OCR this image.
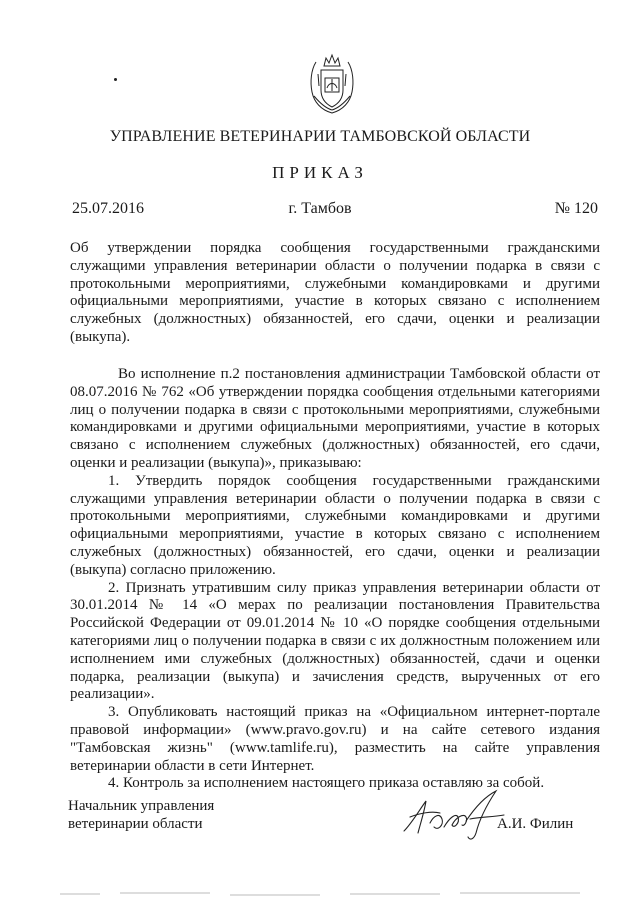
УПРАВЛЕНИЕ ВЕТЕРИНАРИИ ТАМБОВСКОЙ ОБЛАСТИ
ПРИКАЗ
25.07.2016	г. Тамбов	№ 120
Об утверждении порядка сообщения государственными гражданскими служащими управления ветеринарии области о получении подарка в связи с протокольными мероприятиями, служебными командировками и другими официальными мероприятиями, участие в которых связано с исполнением служебных (должностных) обязанностей, его сдачи, оценки и реализации (выкупа).

Во исполнение п.2 постановления администрации Тамбовской области от 08.07.2016 № 762 «Об утверждении порядка сообщения отдельными категориями лиц о получении подарка в связи с протокольными мероприятиями, служебными командировками и другими официальными мероприятиями, участие в которых связано с исполнением служебных (должностных) обязанностей, его сдачи, оценки и реализации (выкупа)», приказываю:

1. Утвердить порядок сообщения государственными гражданскими служащими управления ветеринарии области о получении подарка в связи с протокольными мероприятиями, служебными командировками и другими официальными мероприятиями, участие в которых связано с исполнением служебных (должностных) обязанностей, его сдачи, оценки и реализации (выкупа) согласно приложению.

2. Признать утратившим силу приказ управления ветеринарии области от 30.01.2014 № 14 «О мерах по реализации постановления Правительства Российской Федерации от 09.01.2014 № 10 «О порядке сообщения отдельными категориями лиц о получении подарка в связи с их должностным положением или исполнением ими служебных (должностных) обязанностей, сдачи и оценки подарка, реализации (выкупа) и зачисления средств, вырученных от его реализации».

3. Опубликовать настоящий приказ на «Официальном интернет-портале правовой информации» (www.pravo.gov.ru) и на сайте сетевого издания "Тамбовская жизнь" (www.tamlife.ru), разместить на сайте управления ветеринарии области в сети Интернет.

4. Контроль за исполнением настоящего приказа оставляю за собой.

Начальник управления
ветеринарии области	А.И. Филин
